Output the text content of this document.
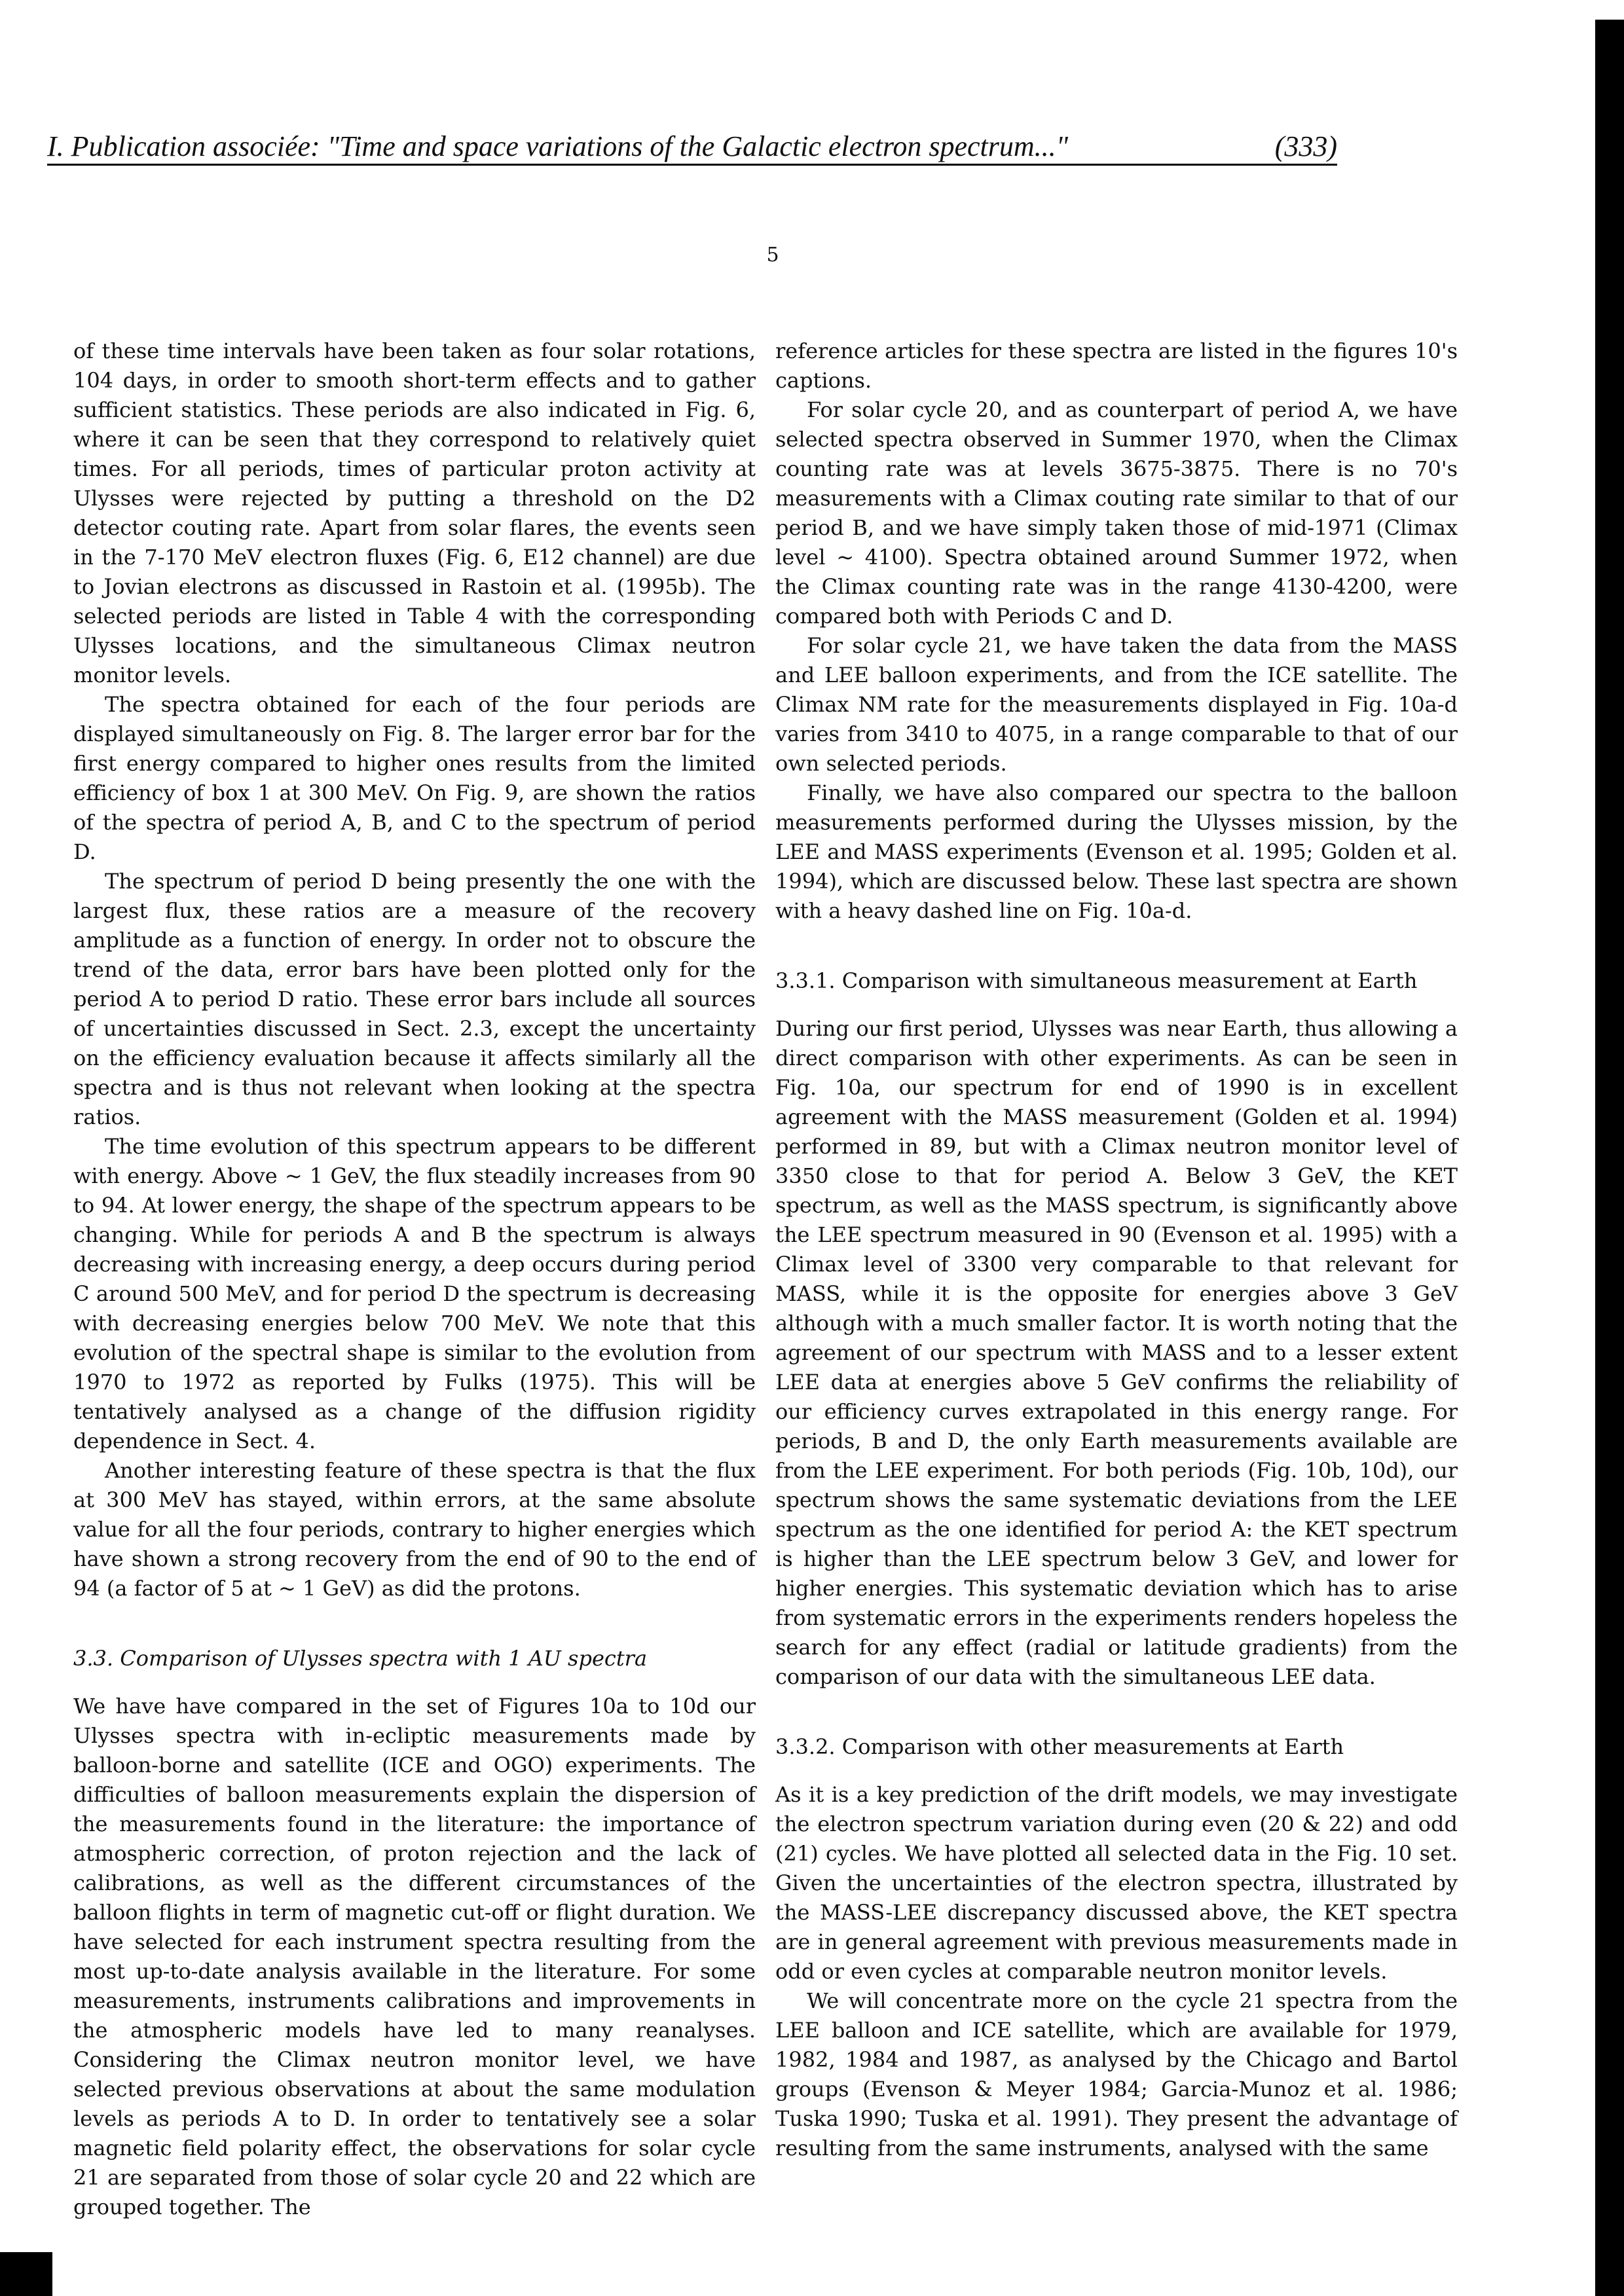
I. Publication associée: "Time and space variations of the Galactic electron spectrum..."	(333)
5

of these time intervals have been taken as four solar rotations, 104 days, in order to smooth short-term effects and to gather sufficient statistics. These periods are also indicated in Fig. 6, where it can be seen that they correspond to relatively quiet times. For all periods, times of particular proton activity at Ulysses were rejected by putting a threshold on the D2 detector couting rate. Apart from solar flares, the events seen in the 7-170 MeV electron fluxes (Fig. 6, E12 channel) are due to Jovian electrons as discussed in Rastoin et al. (1995b). The selected periods are listed in Table 4 with the corresponding Ulysses locations, and the simultaneous Climax neutron monitor levels.

The spectra obtained for each of the four periods are displayed simultaneously on Fig. 8. The larger error bar for the first energy compared to higher ones results from the limited efficiency of box 1 at 300 MeV. On Fig. 9, are shown the ratios of the spectra of period A, B, and C to the spectrum of period D.

The spectrum of period D being presently the one with the largest flux, these ratios are a measure of the recovery amplitude as a function of energy. In order not to obscure the trend of the data, error bars have been plotted only for the period A to period D ratio. These error bars include all sources of uncertainties discussed in Sect. 2.3, except the uncertainty on the efficiency evaluation because it affects similarly all the spectra and is thus not relevant when looking at the spectra ratios.

The time evolution of this spectrum appears to be different with energy. Above ~ 1 GeV, the flux steadily increases from 90 to 94. At lower energy, the shape of the spectrum appears to be changing. While for periods A and B the spectrum is always decreasing with increasing energy, a deep occurs during period C around 500 MeV, and for period D the spectrum is decreasing with decreasing energies below 700 MeV. We note that this evolution of the spectral shape is similar to the evolution from 1970 to 1972 as reported by Fulks (1975). This will be tentatively analysed as a change of the diffusion rigidity dependence in Sect. 4.

Another interesting feature of these spectra is that the flux at 300 MeV has stayed, within errors, at the same absolute value for all the four periods, contrary to higher energies which have shown a strong recovery from the end of 90 to the end of 94 (a factor of 5 at ~ 1 GeV) as did the protons.

3.3. Comparison of Ulysses spectra with 1 AU spectra

We have have compared in the set of Figures 10a to 10d our Ulysses spectra with in-ecliptic measurements made by balloon-borne and satellite (ICE and OGO) experiments. The difficulties of balloon measurements explain the dispersion of the measurements found in the literature: the importance of atmospheric correction, of proton rejection and the lack of calibrations, as well as the different circumstances of the balloon flights in term of magnetic cut-off or flight duration. We have selected for each instrument spectra resulting from the most up-to-date analysis available in the literature. For some measurements, instruments calibrations and improvements in the atmospheric models have led to many reanalyses. Considering the Climax neutron monitor level, we have selected previous observations at about the same modulation levels as periods A to D. In order to tentatively see a solar magnetic field polarity effect, the observations for solar cycle 21 are separated from those of solar cycle 20 and 22 which are grouped together. The

reference articles for these spectra are listed in the figures 10's captions.

For solar cycle 20, and as counterpart of period A, we have selected spectra observed in Summer 1970, when the Climax counting rate was at levels 3675-3875. There is no 70's measurements with a Climax couting rate similar to that of our period B, and we have simply taken those of mid-1971 (Climax level ~ 4100). Spectra obtained around Summer 1972, when the Climax counting rate was in the range 4130-4200, were compared both with Periods C and D.

For solar cycle 21, we have taken the data from the MASS and LEE balloon experiments, and from the ICE satellite. The Climax NM rate for the measurements displayed in Fig. 10a-d varies from 3410 to 4075, in a range comparable to that of our own selected periods.

Finally, we have also compared our spectra to the balloon measurements performed during the Ulysses mission, by the LEE and MASS experiments (Evenson et al. 1995; Golden et al. 1994), which are discussed below. These last spectra are shown with a heavy dashed line on Fig. 10a-d.

3.3.1. Comparison with simultaneous measurement at Earth

During our first period, Ulysses was near Earth, thus allowing a direct comparison with other experiments. As can be seen in Fig. 10a, our spectrum for end of 1990 is in excellent agreement with the MASS measurement (Golden et al. 1994) performed in 89, but with a Climax neutron monitor level of 3350 close to that for period A. Below 3 GeV, the KET spectrum, as well as the MASS spectrum, is significantly above the LEE spectrum measured in 90 (Evenson et al. 1995) with a Climax level of 3300 very comparable to that relevant for MASS, while it is the opposite for energies above 3 GeV although with a much smaller factor. It is worth noting that the agreement of our spectrum with MASS and to a lesser extent LEE data at energies above 5 GeV confirms the reliability of our efficiency curves extrapolated in this energy range. For periods, B and D, the only Earth measurements available are from the LEE experiment. For both periods (Fig. 10b, 10d), our spectrum shows the same systematic deviations from the LEE spectrum as the one identified for period A: the KET spectrum is higher than the LEE spectrum below 3 GeV, and lower for higher energies. This systematic deviation which has to arise from systematic errors in the experiments renders hopeless the search for any effect (radial or latitude gradients) from the comparison of our data with the simultaneous LEE data.

3.3.2. Comparison with other measurements at Earth

As it is a key prediction of the drift models, we may investigate the electron spectrum variation during even (20 & 22) and odd (21) cycles. We have plotted all selected data in the Fig. 10 set. Given the uncertainties of the electron spectra, illustrated by the MASS-LEE discrepancy discussed above, the KET spectra are in general agreement with previous measurements made in odd or even cycles at comparable neutron monitor levels.

We will concentrate more on the cycle 21 spectra from the LEE balloon and ICE satellite, which are available for 1979, 1982, 1984 and 1987, as analysed by the Chicago and Bartol groups (Evenson & Meyer 1984; Garcia-Munoz et al. 1986; Tuska 1990; Tuska et al. 1991). They present the advantage of resulting from the same instruments, analysed with the same
